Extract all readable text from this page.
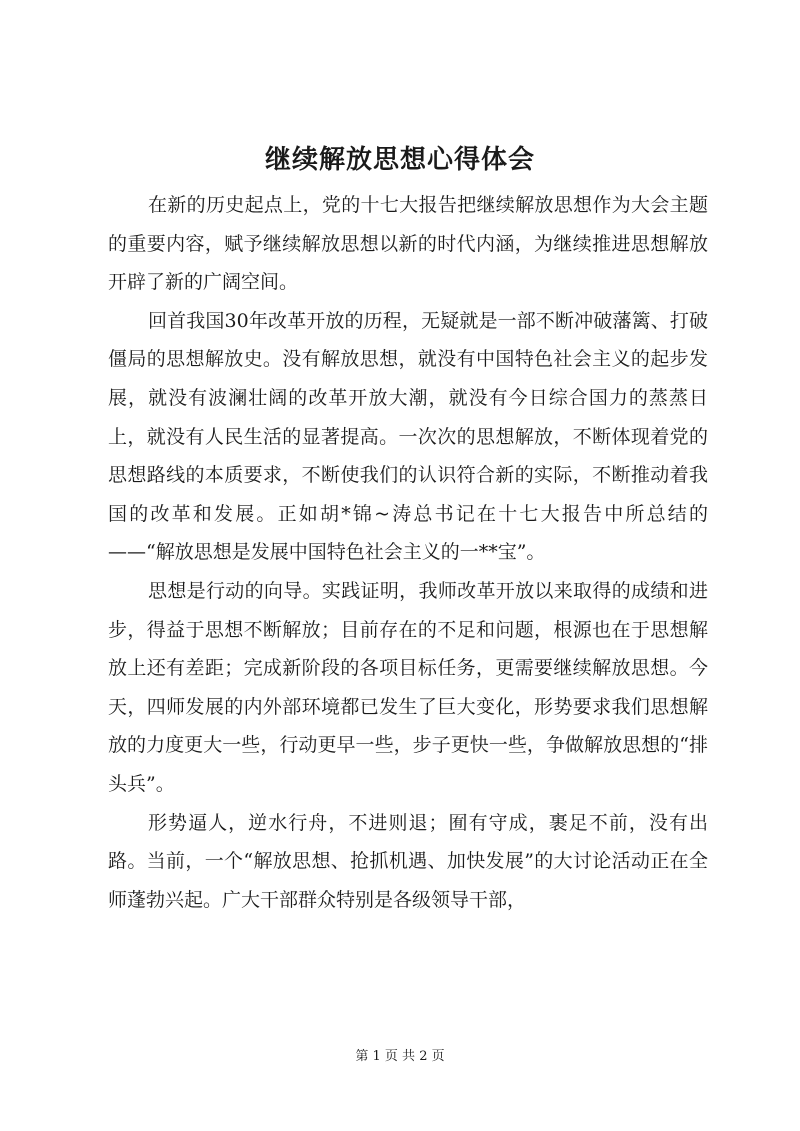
继续解放思想心得体会

在新的历史起点上，党的十七大报告把继续解放思想作为大会主题的重要内容，赋予继续解放思想以新的时代内涵，为继续推进思想解放开辟了新的广阔空间。

回首我国30年改革开放的历程，无疑就是一部不断冲破藩篱、打破僵局的思想解放史。没有解放思想，就没有中国特色社会主义的起步发展，就没有波澜壮阔的改革开放大潮，就没有今日综合国力的蒸蒸日上，就没有人民生活的显著提高。一次次的思想解放，不断体现着党的思想路线的本质要求，不断使我们的认识符合新的实际，不断推动着我国的改革和发展。正如胡*锦~涛总书记在十七大报告中所总结的——“解放思想是发展中国特色社会主义的一**宝”。

思想是行动的向导。实践证明，我师改革开放以来取得的成绩和进步，得益于思想不断解放；目前存在的不足和问题，根源也在于思想解放上还有差距；完成新阶段的各项目标任务，更需要继续解放思想。今天，四师发展的内外部环境都已发生了巨大变化，形势要求我们思想解放的力度更大一些，行动更早一些，步子更快一些，争做解放思想的“排头兵”。

形势逼人，逆水行舟，不进则退；囿有守成，裹足不前，没有出路。当前，一个“解放思想、抢抓机遇、加快发展”的大讨论活动正在全师蓬勃兴起。广大干部群众特别是各级领导干部，

第 1 页 共 2 页
